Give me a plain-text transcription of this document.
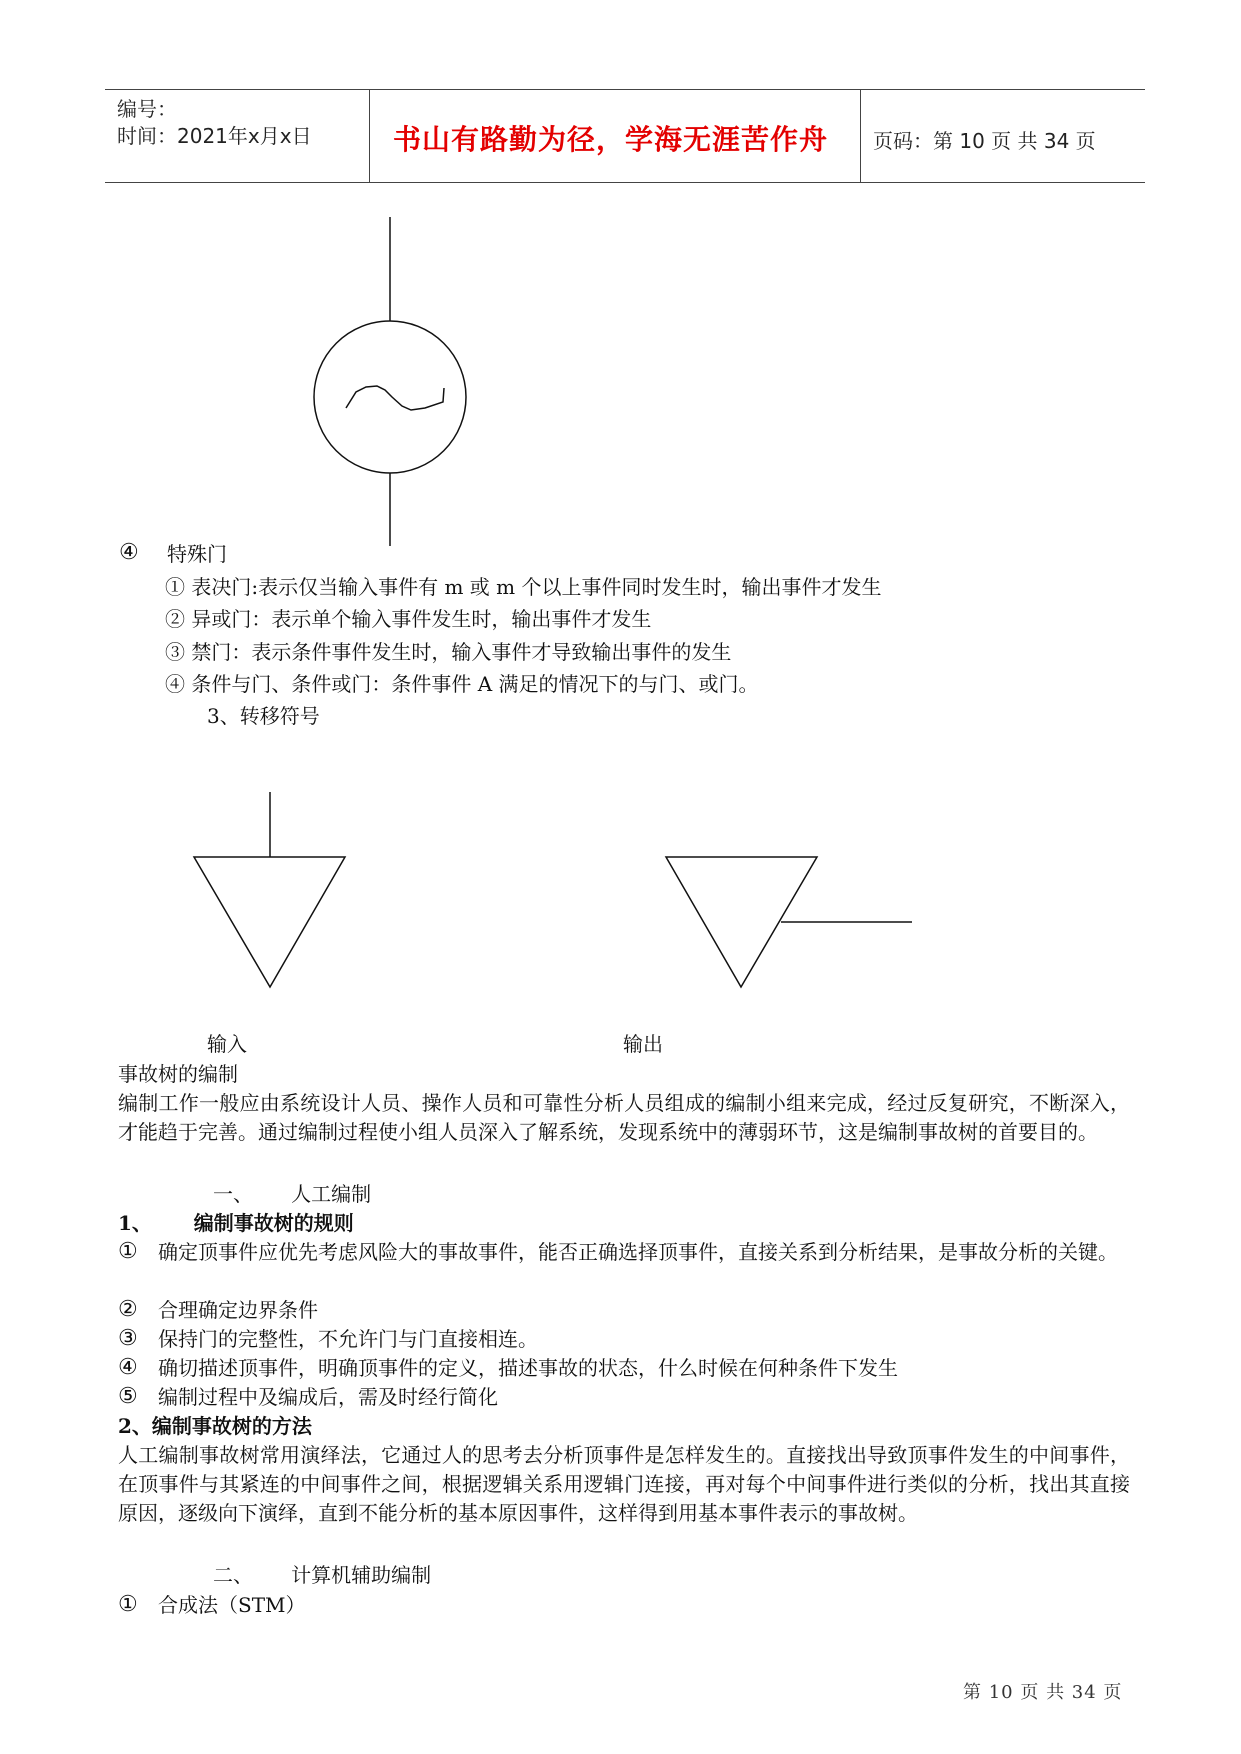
编号：
时间：2021年x月x日	书山有路勤为径，学海无涯苦作舟 页码：第 10 页 共 34 页
④ 特殊门
① 表决门:表示仅当输入事件有 m 或 m 个以上事件同时发生时，输出事件才发生
② 异或门：表示单个输入事件发生时，输出事件才发生
③ 禁门：表示条件事件发生时，输入事件才导致输出事件的发生
④ 条件与门、条件或门：条件事件 A 满足的情况下的与门、或门。
3、转移符号
输入	输出
事故树的编制
编制工作一般应由系统设计人员、操作人员和可靠性分析人员组成的编制小组来完成，经过反复研究，不断深入，才能趋于完善。通过编制过程使小组人员深入了解系统，发现系统中的薄弱环节，这是编制事故树的首要目的。
一、      人工编制
1、      编制事故树的规则
① 确定顶事件应优先考虑风险大的事故事件，能否正确选择顶事件，直接关系到分析结果，是事故分析的关键。
② 合理确定边界条件
③ 保持门的完整性，不允许门与门直接相连。
④ 确切描述顶事件，明确顶事件的定义，描述事故的状态，什么时候在何种条件下发生
⑤ 编制过程中及编成后，需及时经行简化
2、编制事故树的方法
人工编制事故树常用演绎法，它通过人的思考去分析顶事件是怎样发生的。直接找出导致顶事件发生的中间事件，在顶事件与其紧连的中间事件之间，根据逻辑关系用逻辑门连接，再对每个中间事件进行类似的分析，找出其直接原因，逐级向下演绎，直到不能分析的基本原因事件，这样得到用基本事件表示的事故树。
二、      计算机辅助编制
① 合成法（STM）
第 10 页 共 34 页
